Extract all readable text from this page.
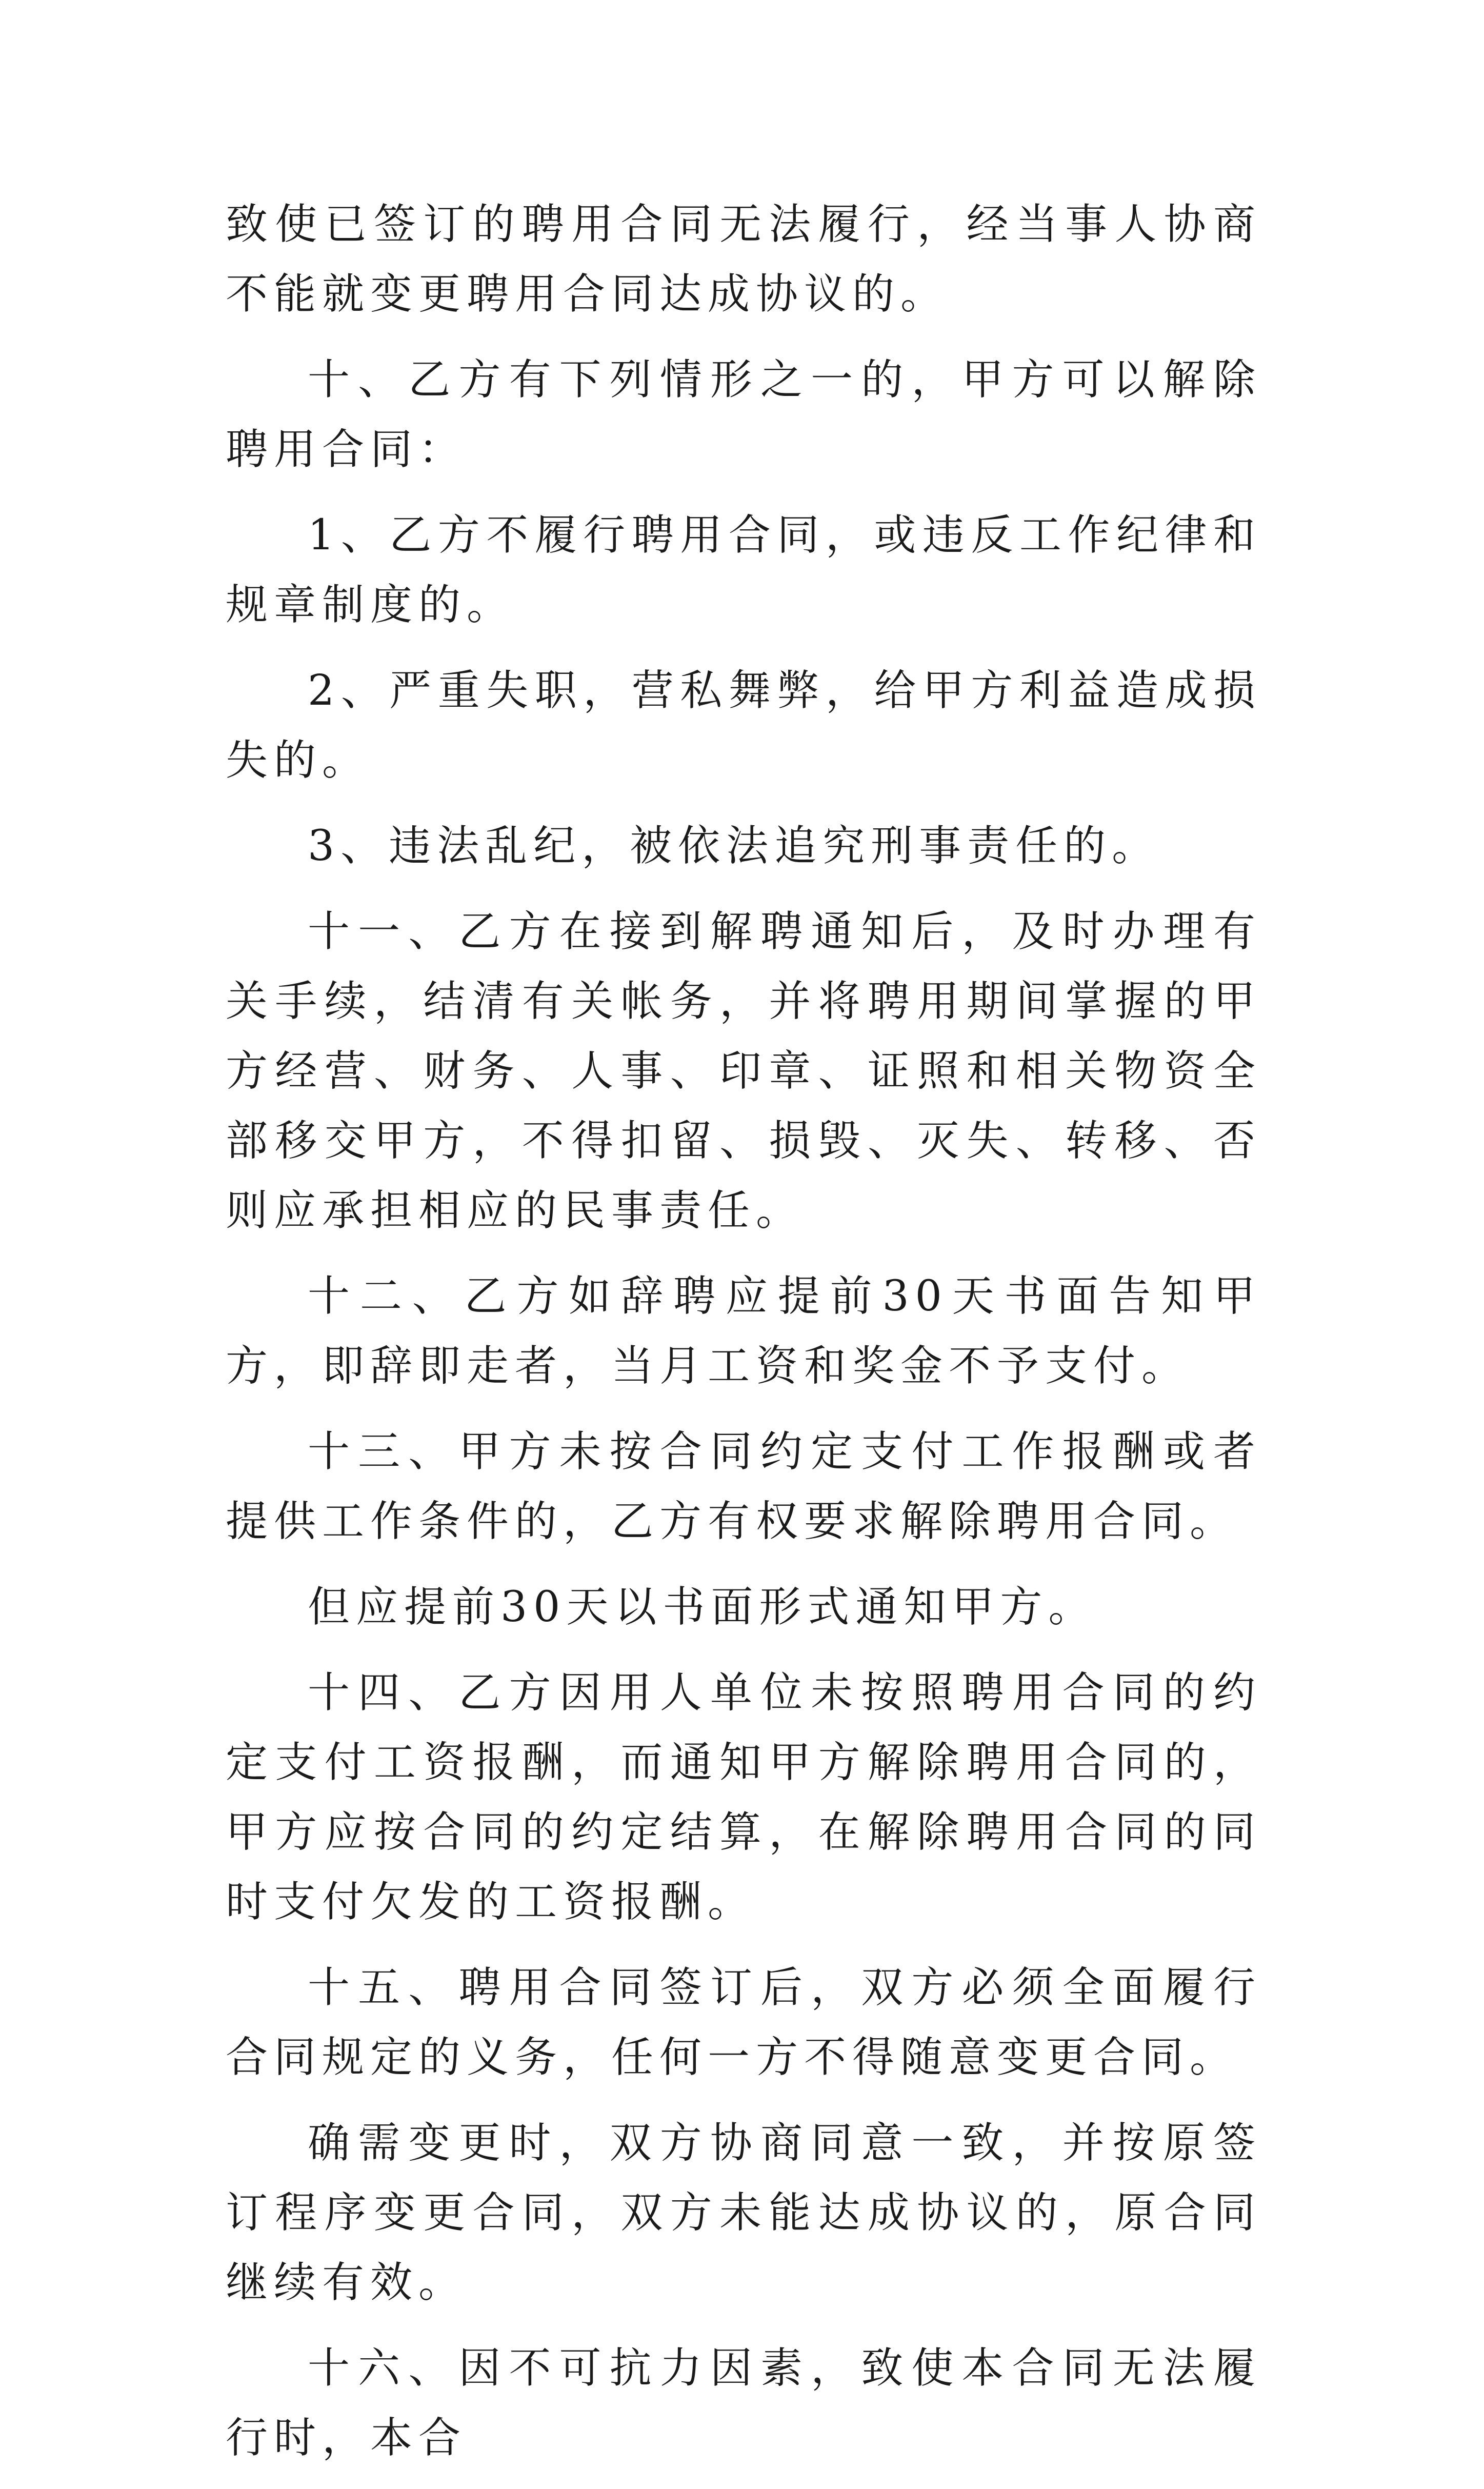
致使已签订的聘用合同无法履行，经当事人协商不能就变更聘用合同达成协议的。

十、乙方有下列情形之一的，甲方可以解除聘用合同：

1、乙方不履行聘用合同，或违反工作纪律和规章制度的。

2、严重失职，营私舞弊，给甲方利益造成损失的。

3、违法乱纪，被依法追究刑事责任的。

十一、乙方在接到解聘通知后，及时办理有关手续，结清有关帐务，并将聘用期间掌握的甲方经营、财务、人事、印章、证照和相关物资全部移交甲方，不得扣留、损毁、灭失、转移、否则应承担相应的民事责任。

十二、乙方如辞聘应提前30天书面告知甲方，即辞即走者，当月工资和奖金不予支付。

十三、甲方未按合同约定支付工作报酬或者提供工作条件的，乙方有权要求解除聘用合同。

但应提前30天以书面形式通知甲方。

十四、乙方因用人单位未按照聘用合同的约定支付工资报酬，而通知甲方解除聘用合同的，甲方应按合同的约定结算，在解除聘用合同的同时支付欠发的工资报酬。

十五、聘用合同签订后，双方必须全面履行合同规定的义务，任何一方不得随意变更合同。

确需变更时，双方协商同意一致，并按原签订程序变更合同，双方未能达成协议的，原合同继续有效。

十六、因不可抗力因素，致使本合同无法履行时，本合
